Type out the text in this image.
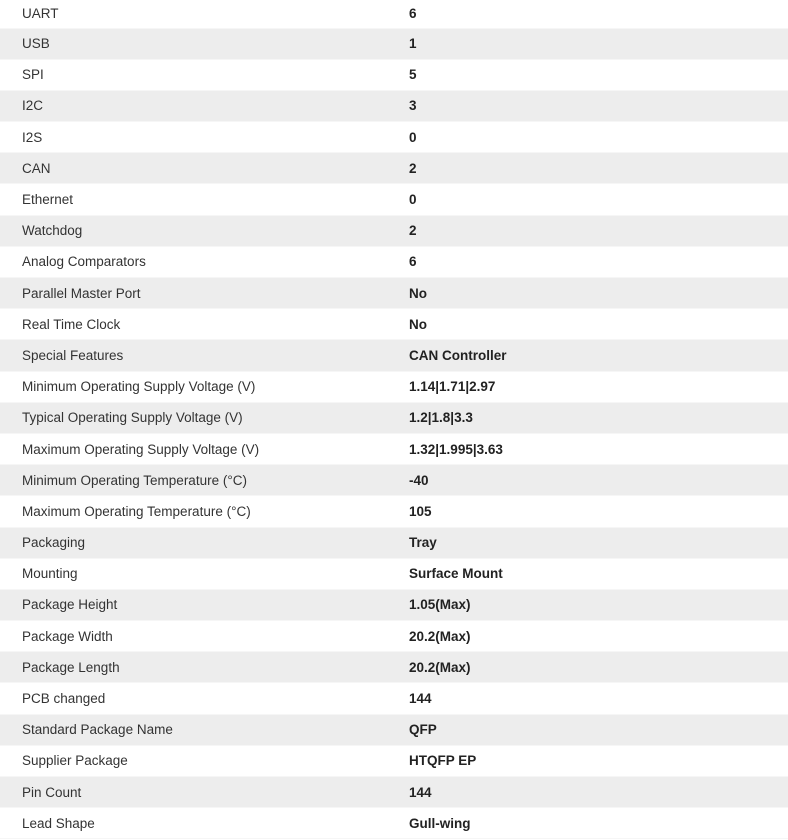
UART	6
USB	1
SPI	5
I2C	3
I2S	0
CAN	2
Ethernet	0
Watchdog	2
Analog Comparators	6
Parallel Master Port	No
Real Time Clock	No
Special Features	CAN Controller
Minimum Operating Supply Voltage (V)	1.14|1.71|2.97
Typical Operating Supply Voltage (V)	1.2|1.8|3.3
Maximum Operating Supply Voltage (V)	1.32|1.995|3.63
Minimum Operating Temperature (°C)	-40
Maximum Operating Temperature (°C)	105
Packaging	Tray
Mounting	Surface Mount
Package Height	1.05(Max)
Package Width	20.2(Max)
Package Length	20.2(Max)
PCB changed	144
Standard Package Name	QFP
Supplier Package	HTQFP EP
Pin Count	144
Lead Shape	Gull-wing
